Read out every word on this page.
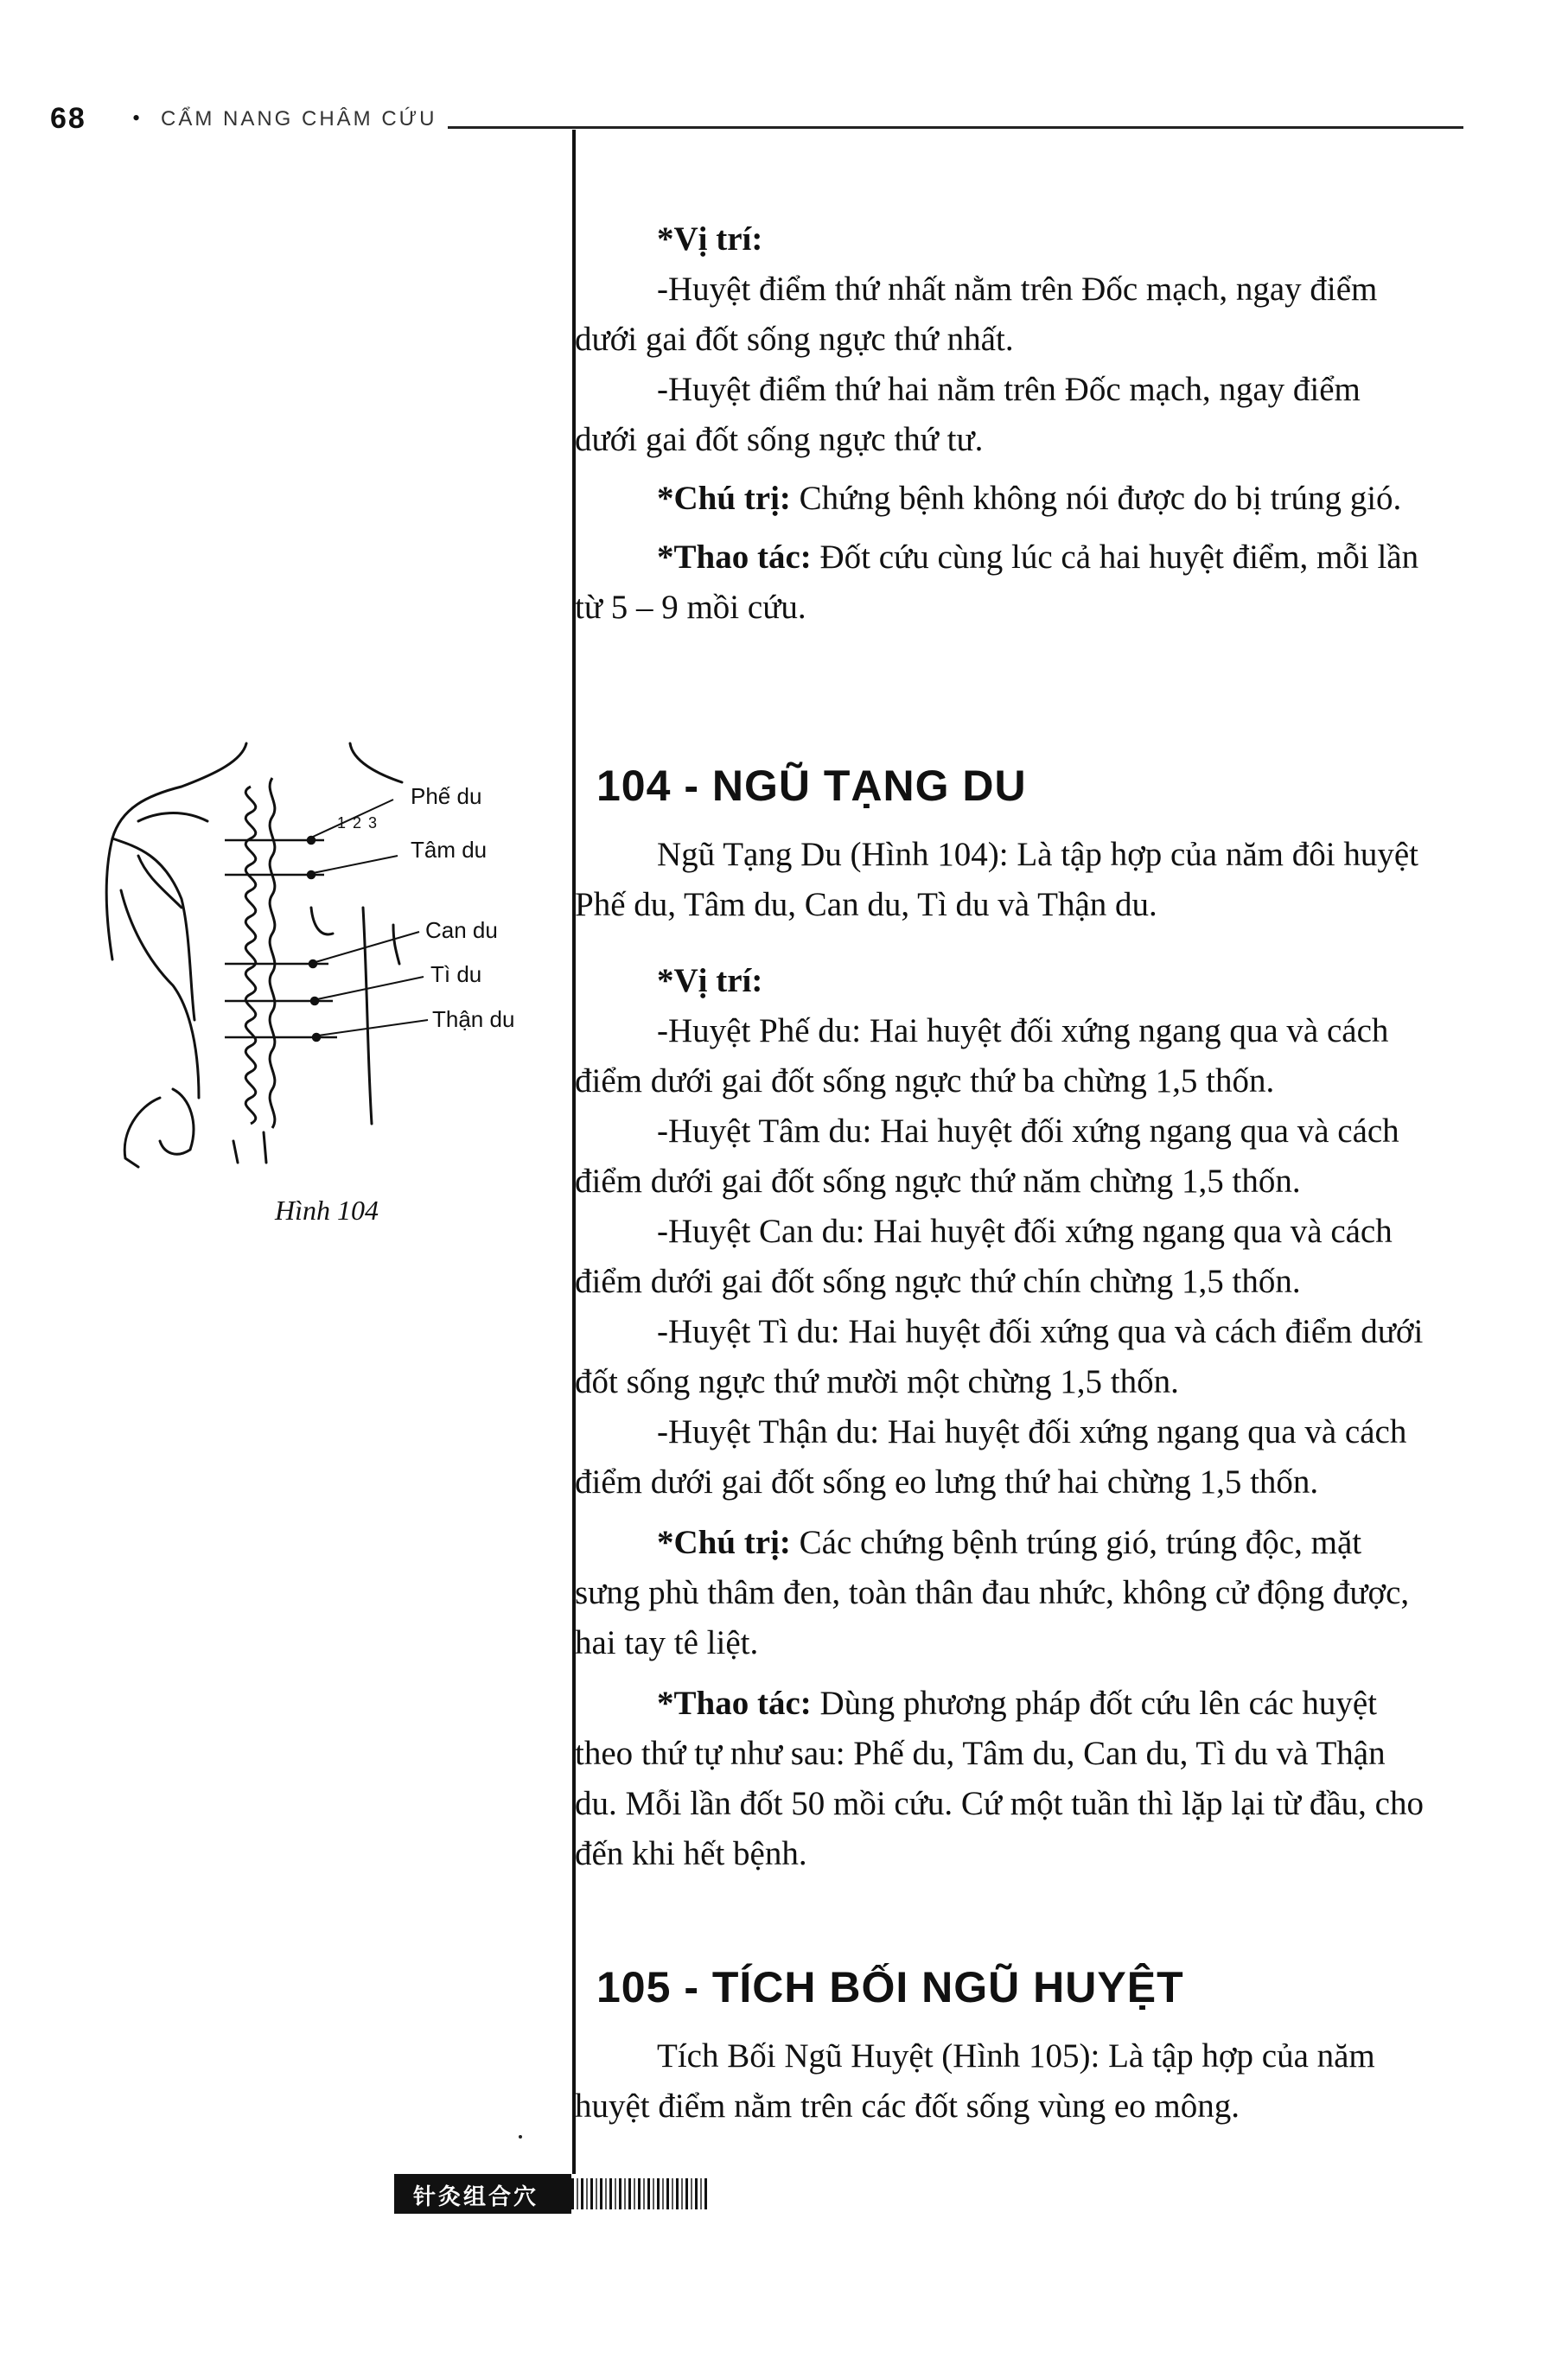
68 • CẨM NANG CHÂM CỨU

*Vị trí:

-Huyệt điểm thứ nhất nằm trên Đốc mạch, ngay điểm dưới gai đốt sống ngực thứ nhất.

-Huyệt điểm thứ hai nằm trên Đốc mạch, ngay điểm dưới gai đốt sống ngực thứ tư.

*Chú trị: Chứng bệnh không nói được do bị trúng gió.

*Thao tác: Đốt cứu cùng lúc cả hai huyệt điểm, mỗi lần từ 5 – 9 mồi cứu.

104 - NGŨ TẠNG DU

Ngũ Tạng Du (Hình 104): Là tập hợp của năm đôi huyệt Phế du, Tâm du, Can du, Tì du và Thận du.

*Vị trí:

-Huyệt Phế du: Hai huyệt đối xứng ngang qua và cách điểm dưới gai đốt sống ngực thứ ba chừng 1,5 thốn.

-Huyệt Tâm du: Hai huyệt đối xứng ngang qua và cách điểm dưới gai đốt sống ngực thứ năm chừng 1,5 thốn.

-Huyệt Can du: Hai huyệt đối xứng ngang qua và cách điểm dưới gai đốt sống ngực thứ chín chừng 1,5 thốn.

-Huyệt Tì du: Hai huyệt đối xứng qua và cách điểm dưới đốt sống ngực thứ mười một chừng 1,5 thốn.

-Huyệt Thận du: Hai huyệt đối xứng ngang qua và cách điểm dưới gai đốt sống eo lưng thứ hai chừng 1,5 thốn.

*Chú trị: Các chứng bệnh trúng gió, trúng độc, mặt sưng phù thâm đen, toàn thân đau nhức, không cử động được, hai tay tê liệt.

*Thao tác: Dùng phương pháp đốt cứu lên các huyệt theo thứ tự như sau: Phế du, Tâm du, Can du, Tì du và Thận du. Mỗi lần đốt 50 mồi cứu. Cứ một tuần thì lặp lại từ đầu, cho đến khi hết bệnh.

105 - TÍCH BỐI NGŨ HUYỆT

Tích Bối Ngũ Huyệt (Hình 105): Là tập hợp của năm huyệt điểm nằm trên các đốt sống vùng eo mông.

1 2 3
Phế du
Tâm du
Can du
Tì du
Thận du
Hình 104
针灸组合穴
